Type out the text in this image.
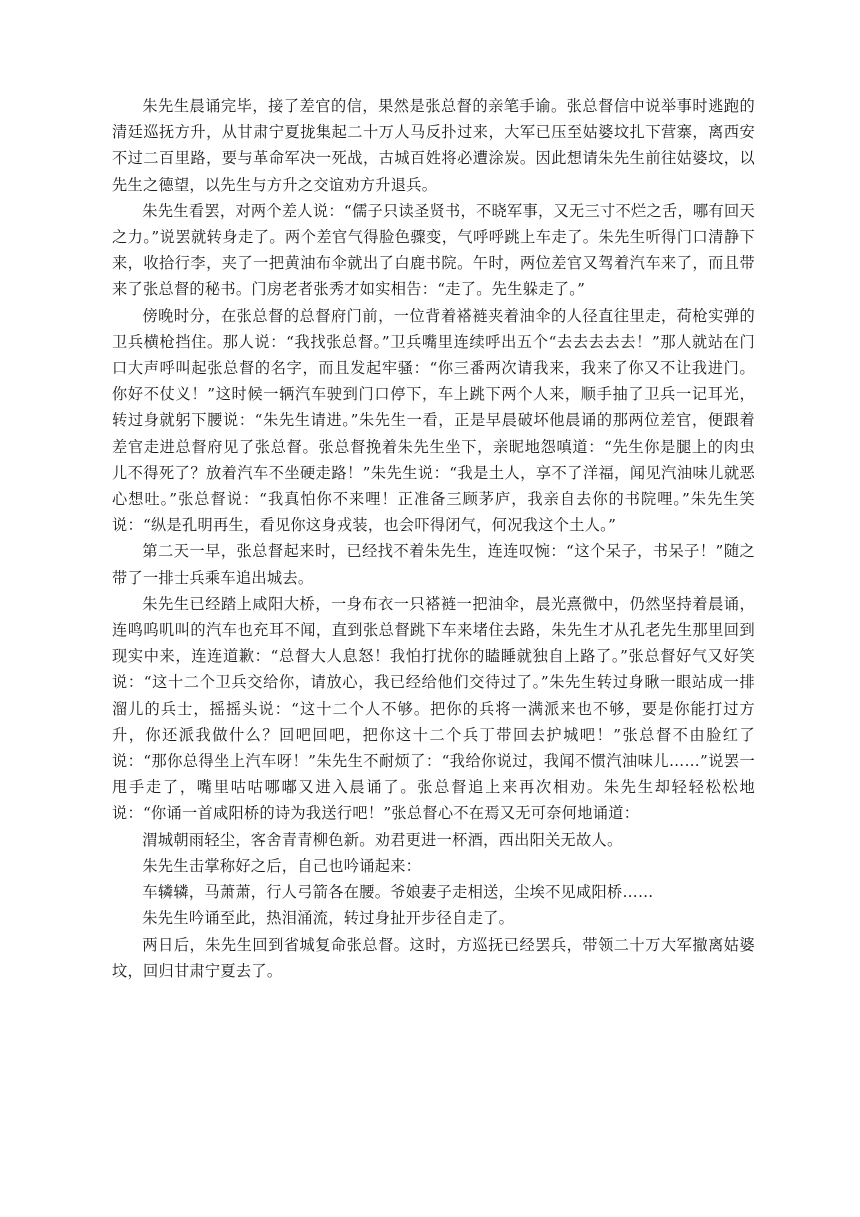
朱先生晨诵完毕，接了差官的信，果然是张总督的亲笔手谕。张总督信中说举事时逃跑的清廷巡抚方升，从甘肃宁夏拢集起二十万人马反扑过来，大军已压至姑婆坟扎下营寨，离西安不过二百里路，要与革命军决一死战，古城百姓将必遭涂炭。因此想请朱先生前往姑婆坟，以先生之德望，以先生与方升之交谊劝方升退兵。

朱先生看罢，对两个差人说：“儒子只读圣贤书，不晓军事，又无三寸不烂之舌，哪有回天之力。”说罢就转身走了。两个差官气得脸色骤变，气呼呼跳上车走了。朱先生听得门口清静下来，收拾行李，夹了一把黄油布伞就出了白鹿书院。午时，两位差官又驾着汽车来了，而且带来了张总督的秘书。门房老者张秀才如实相告：“走了。先生躲走了。”

傍晚时分，在张总督的总督府门前，一位背着褡裢夹着油伞的人径直往里走，荷枪实弹的卫兵横枪挡住。那人说：“我找张总督。”卫兵嘴里连续呼出五个“去去去去去！”那人就站在门口大声呼叫起张总督的名字，而且发起牢骚：“你三番两次请我来，我来了你又不让我进门。你好不仗义！”这时候一辆汽车驶到门口停下，车上跳下两个人来，顺手抽了卫兵一记耳光，转过身就躬下腰说：“朱先生请进。”朱先生一看，正是早晨破坏他晨诵的那两位差官，便跟着差官走进总督府见了张总督。张总督挽着朱先生坐下，亲昵地怨嗔道：“先生你是腿上的肉虫儿不得死了？放着汽车不坐硬走路！”朱先生说：“我是土人，享不了洋福，闻见汽油味儿就恶心想吐。”张总督说：“我真怕你不来哩！正准备三顾茅庐，我亲自去你的书院哩。”朱先生笑说：“纵是孔明再生，看见你这身戎装，也会吓得闭气，何况我这个土人。”

第二天一早，张总督起来时，已经找不着朱先生，连连叹惋：“这个呆子，书呆子！”随之带了一排士兵乘车追出城去。

朱先生已经踏上咸阳大桥，一身布衣一只褡裢一把油伞，晨光熹微中，仍然坚持着晨诵，连鸣呜叽叫的汽车也充耳不闻，直到张总督跳下车来堵住去路，朱先生才从孔老先生那里回到现实中来，连连道歉：“总督大人息怒！我怕打扰你的瞌睡就独自上路了。”张总督好气又好笑说：“这十二个卫兵交给你，请放心，我已经给他们交待过了。”朱先生转过身瞅一眼站成一排溜儿的兵士，摇摇头说：“这十二个人不够。把你的兵将一满派来也不够，要是你能打过方升，你还派我做什么？回吧回吧，把你这十二个兵丁带回去护城吧！”张总督不由脸红了说：“那你总得坐上汽车呀！”朱先生不耐烦了：“我给你说过，我闻不惯汽油味儿……”说罢一甩手走了，嘴里咕咕哪嘟又进入晨诵了。张总督追上来再次相劝。朱先生却轻轻松松地说：“你诵一首咸阳桥的诗为我送行吧！”张总督心不在焉又无可奈何地诵道：

渭城朝雨轻尘，客舍青青柳色新。劝君更进一杯酒，西出阳关无故人。

朱先生击掌称好之后，自己也吟诵起来：

车辚辚，马萧萧，行人弓箭各在腰。爷娘妻子走相送，尘埃不见咸阳桥……

朱先生吟诵至此，热泪涌流，转过身扯开步径自走了。

两日后，朱先生回到省城复命张总督。这时，方巡抚已经罢兵，带领二十万大军撤离姑婆坟，回归甘肃宁夏去了。
